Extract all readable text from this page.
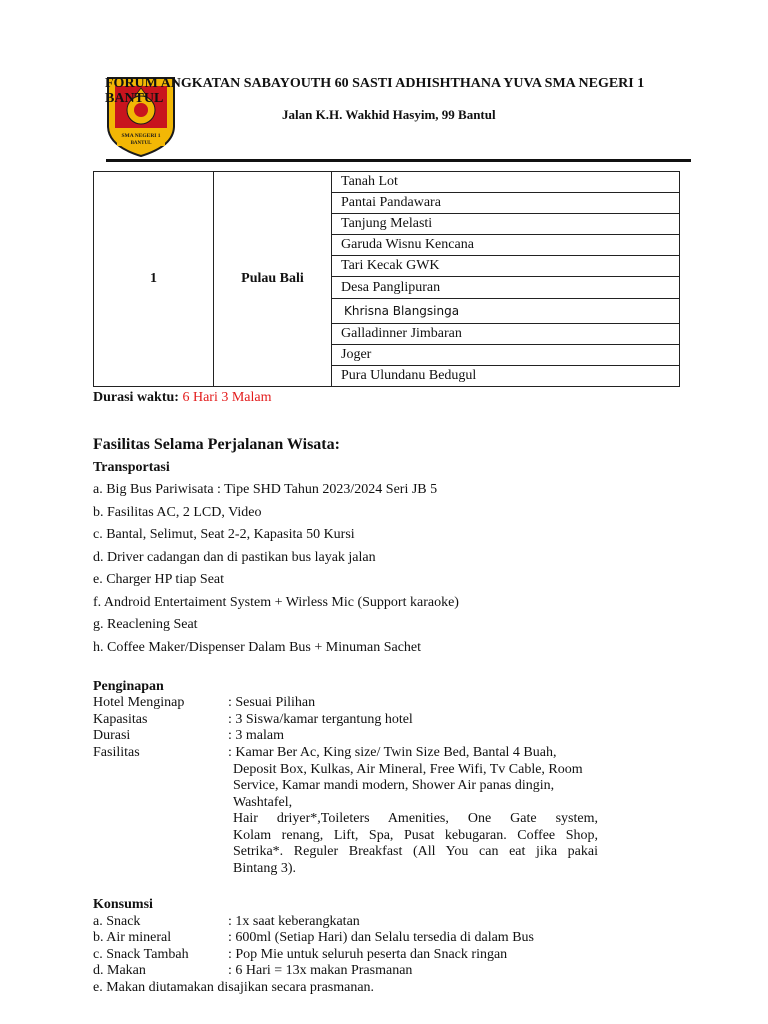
SMA NEGERI 1
BANTUL
FORUM ANGKATAN SABAYOUTH 60 SASTI ADHISHTHANA YUVA SMA NEGERI 1 BANTUL
Jalan K.H. Wakhid Hasyim, 99 Bantul
1	Pulau Bali	Tanah Lot
Pantai Pandawara
Tanjung Melasti
Garuda Wisnu Kencana
Tari Kecak GWK
Desa Panglipuran
Khrisna Blangsinga
Galladinner Jimbaran
Joger
Pura Ulundanu Bedugul
Durasi waktu: 6 Hari 3 Malam
Fasilitas Selama Perjalanan Wisata:
Transportasi
a. Big Bus Pariwisata : Tipe SHD Tahun 2023/2024 Seri JB 5
b. Fasilitas AC, 2 LCD, Video
c. Bantal, Selimut, Seat 2-2, Kapasita 50 Kursi
d. Driver cadangan dan di pastikan bus layak jalan
e. Charger HP tiap Seat
f. Android Entertaiment System + Wirless Mic (Support karaoke)
g. Reaclening Seat
h. Coffee Maker/Dispenser Dalam Bus + Minuman Sachet
Penginapan
Hotel Menginap	: Sesuai Pilihan
Kapasitas	: 3 Siswa/kamar tergantung hotel
Durasi	: 3 malam
Fasilitas	: Kamar Ber Ac, King size/ Twin Size Bed, Bantal 4 Buah,
Deposit Box, Kulkas, Air Mineral, Free Wifi, Tv Cable, Room
Service, Kamar mandi modern, Shower Air panas dingin,
Washtafel,
Hair driyer*,Toileters Amenities, One Gate system,
Kolam renang, Lift, Spa, Pusat kebugaran. Coffee Shop,
Setrika*. Reguler Breakfast (All You can eat jika pakai
Bintang 3).
Konsumsi
a. Snack	: 1x saat keberangkatan
b. Air mineral	: 600ml (Setiap Hari) dan Selalu tersedia di dalam Bus
c. Snack Tambah	: Pop Mie untuk seluruh peserta dan Snack ringan
d. Makan	: 6 Hari = 13x makan Prasmanan
e. Makan diutamakan disajikan secara prasmanan.
